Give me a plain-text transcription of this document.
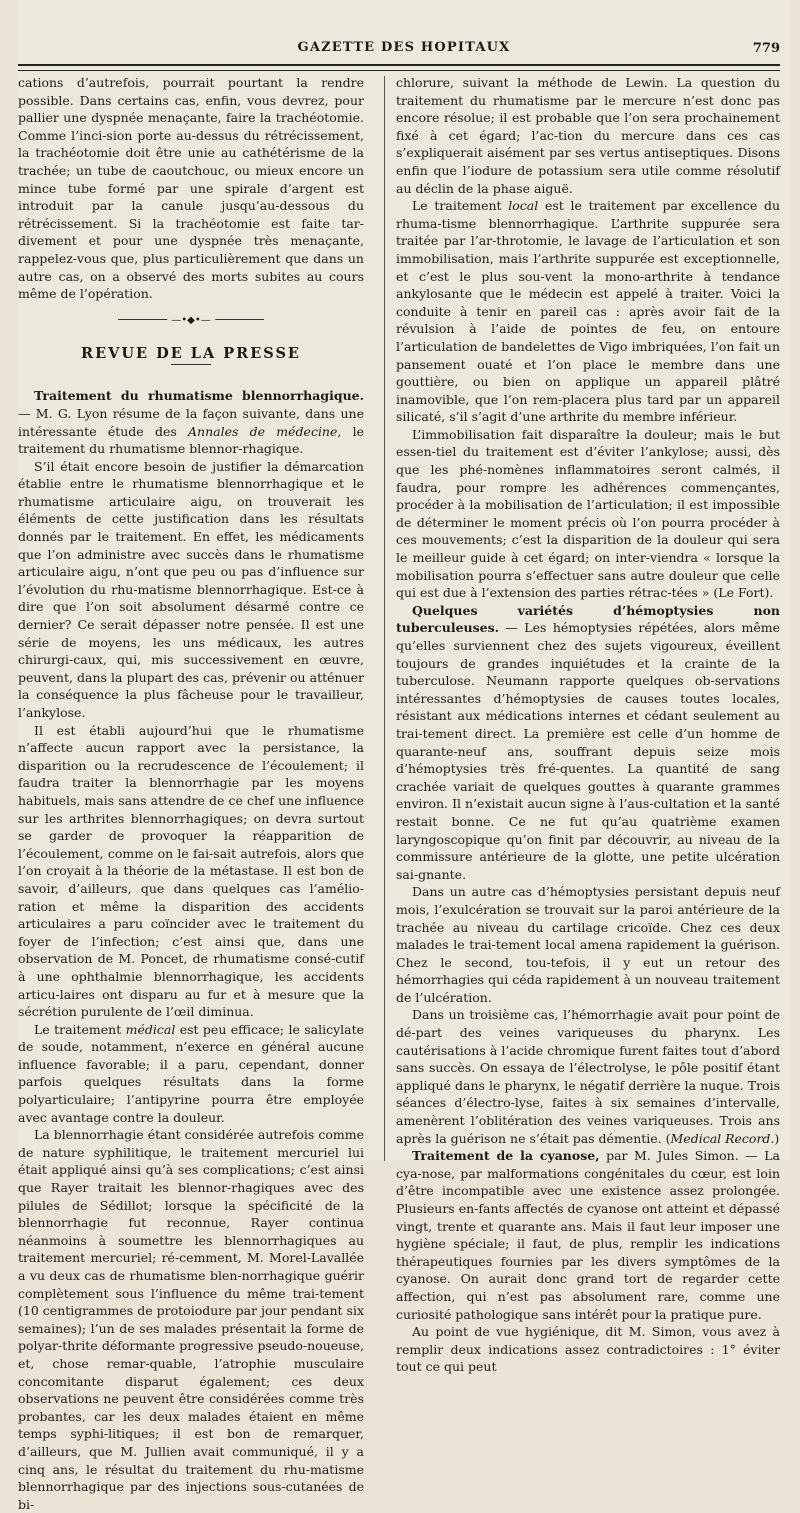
GAZETTE DES HOPITAUX	779

cations d’autrefois, pourrait pourtant la rendre possible. Dans certains cas, enfin, vous devrez, pour pallier une dyspnée menaçante, faire la trachéotomie. Comme l’inci-sion porte au-dessus du rétrécissement, la trachéotomie doit être unie au cathétérisme de la trachée; un tube de caoutchouc, ou mieux encore un mince tube formé par une spirale d’argent est introduit par la canule jusqu’au-dessous du rétrécissement. Si la trachéotomie est faite tar-divement et pour une dyspnée très menaçante, rappelez-vous que, plus particulièrement que dans un autre cas, on a observé des morts subites au cours même de l’opération.

—•◆•—
REVUE DE LA PRESSE

Traitement du rhumatisme blennorrhagique. — M. G. Lyon résume de la façon suivante, dans une intéressante étude des Annales de médecine, le traitement du rhumatisme blennor-rhagique.

S’il était encore besoin de justifier la démarcation établie entre le rhumatisme blennorrhagique et le rhumatisme articulaire aigu, on trouverait les éléments de cette justification dans les résultats donnés par le traitement. En effet, les médicaments que l’on administre avec succès dans le rhumatisme articulaire aigu, n’ont que peu ou pas d’influence sur l’évolution du rhu-matisme blennorrhagique. Est-ce à dire que l’on soit absolument désarmé contre ce dernier? Ce serait dépasser notre pensée. Il est une série de moyens, les uns médicaux, les autres chirurgi-caux, qui, mis successivement en œuvre, peuvent, dans la plupart des cas, prévenir ou atténuer la conséquence la plus fâcheuse pour le travailleur, l’ankylose.

Il est établi aujourd’hui que le rhumatisme n’affecte aucun rapport avec la persistance, la disparition ou la recrudescence de l’écoulement; il faudra traiter la blennorrhagie par les moyens habituels, mais sans attendre de ce chef une influence sur les arthrites blennorrhagiques; on devra surtout se garder de provoquer la réapparition de l’écoulement, comme on le fai-sait autrefois, alors que l’on croyait à la théorie de la métastase. Il est bon de savoir, d’ailleurs, que dans quelques cas l’amélio-ration et même la disparition des accidents articulaires a paru coïncider avec le traitement du foyer de l’infection; c’est ainsi que, dans une observation de M. Poncet, de rhumatisme consé-cutif à une ophthalmie blennorrhagique, les accidents articu-laires ont disparu au fur et à mesure que la sécrétion purulente de l’œil diminua.

Le traitement médical est peu efficace; le salicylate de soude, notamment, n’exerce en général aucune influence favorable; il a paru, cependant, donner parfois quelques résultats dans la forme polyarticulaire; l’antipyrine pourra être employée avec avantage contre la douleur.

La blennorrhagie étant considérée autrefois comme de nature syphilitique, le traitement mercuriel lui était appliqué ainsi qu’à ses complications; c’est ainsi que Rayer traitait les blennor-rhagiques avec des pilules de Sédillot; lorsque la spécificité de la blennorrhagie fut reconnue, Rayer continua néanmoins à soumettre les blennorrhagiques au traitement mercuriel; ré-cemment, M. Morel-Lavallée a vu deux cas de rhumatisme blen-norrhagique guérir complètement sous l’influence du même trai-tement (10 centigrammes de protoiodure par jour pendant six semaines); l’un de ses malades présentait la forme de polyar-thrite déformante progressive pseudo-noueuse, et, chose remar-quable, l’atrophie musculaire concomitante disparut également; ces deux observations ne peuvent être considérées comme très probantes, car les deux malades étaient en même temps syphi-litiques; il est bon de remarquer, d’ailleurs, que M. Jullien avait communiqué, il y a cinq ans, le résultat du traitement du rhu-matisme blennorrhagique par des injections sous-cutanées de bi-

chlorure, suivant la méthode de Lewin. La question du traitement du rhumatisme par le mercure n’est donc pas encore résolue; il est probable que l’on sera prochainement fixé à cet égard; l’ac-tion du mercure dans ces cas s’expliquerait aisément par ses vertus antiseptiques. Disons enfin que l’iodure de potassium sera utile comme résolutif au déclin de la phase aiguë.

Le traitement local est le traitement par excellence du rhuma-tisme blennorrhagique. L’arthrite suppurée sera traitée par l’ar-throtomie, le lavage de l’articulation et son immobilisation, mais l’arthrite suppurée est exceptionnelle, et c’est le plus sou-vent la mono-arthrite à tendance ankylosante que le médecin est appelé à traiter. Voici la conduite à tenir en pareil cas : après avoir fait de la révulsion à l’aide de pointes de feu, on entoure l’articulation de bandelettes de Vigo imbriquées, l’on fait un pansement ouaté et l’on place le membre dans une gouttière, ou bien on applique un appareil plâtré inamovible, que l’on rem-placera plus tard par un appareil silicaté, s’il s’agit d’une arthrite du membre inférieur.

L’immobilisation fait disparaître la douleur; mais le but essen-tiel du traitement est d’éviter l’ankylose; aussi, dès que les phé-nomènes inflammatoires seront calmés, il faudra, pour rompre les adhérences commençantes, procéder à la mobilisation de l’articulation; il est impossible de déterminer le moment précis où l’on pourra procéder à ces mouvements; c’est la disparition de la douleur qui sera le meilleur guide à cet égard; on inter-viendra « lorsque la mobilisation pourra s’effectuer sans autre douleur que celle qui est due à l’extension des parties rétrac-tées » (Le Fort).

Quelques variétés d’hémoptysies non tuberculeuses. — Les hémoptysies répétées, alors même qu’elles surviennent chez des sujets vigoureux, éveillent toujours de grandes inquiétudes et la crainte de la tuberculose. Neumann rapporte quelques ob-servations intéressantes d’hémoptysies de causes toutes locales, résistant aux médications internes et cédant seulement au trai-tement direct. La première est celle d’un homme de quarante-neuf ans, souffrant depuis seize mois d’hémoptysies très fré-quentes. La quantité de sang crachée variait de quelques gouttes à quarante grammes environ. Il n’existait aucun signe à l’aus-cultation et la santé restait bonne. Ce ne fut qu’au quatrième examen laryngoscopique qu’on finit par découvrir, au niveau de la commissure antérieure de la glotte, une petite ulcération sai-gnante.

Dans un autre cas d’hémoptysies persistant depuis neuf mois, l’exulcération se trouvait sur la paroi antérieure de la trachée au niveau du cartilage cricoïde. Chez ces deux malades le trai-tement local amena rapidement la guérison. Chez le second, tou-tefois, il y eut un retour des hémorrhagies qui céda rapidement à un nouveau traitement de l’ulcération.

Dans un troisième cas, l’hémorrhagie avait pour point de dé-part des veines variqueuses du pharynx. Les cautérisations à l’acide chromique furent faites tout d’abord sans succès. On essaya de l’électrolyse, le pôle positif étant appliqué dans le pharynx, le négatif derrière la nuque. Trois séances d’électro-lyse, faites à six semaines d’intervalle, amenèrent l’oblitération des veines variqueuses. Trois ans après la guérison ne s’était pas démentie. (Medical Record.)

Traitement de la cyanose, par M. Jules Simon. — La cya-nose, par malformations congénitales du cœur, est loin d’être incompatible avec une existence assez prolongée. Plusieurs en-fants affectés de cyanose ont atteint et dépassé vingt, trente et quarante ans. Mais il faut leur imposer une hygiène spéciale; il faut, de plus, remplir les indications thérapeutiques fournies par les divers symptômes de la cyanose. On aurait donc grand tort de regarder cette affection, qui n’est pas absolument rare, comme une curiosité pathologique sans intérêt pour la pratique pure.

Au point de vue hygiénique, dit M. Simon, vous avez à remplir deux indications assez contradictoires : 1° éviter tout ce qui peut
